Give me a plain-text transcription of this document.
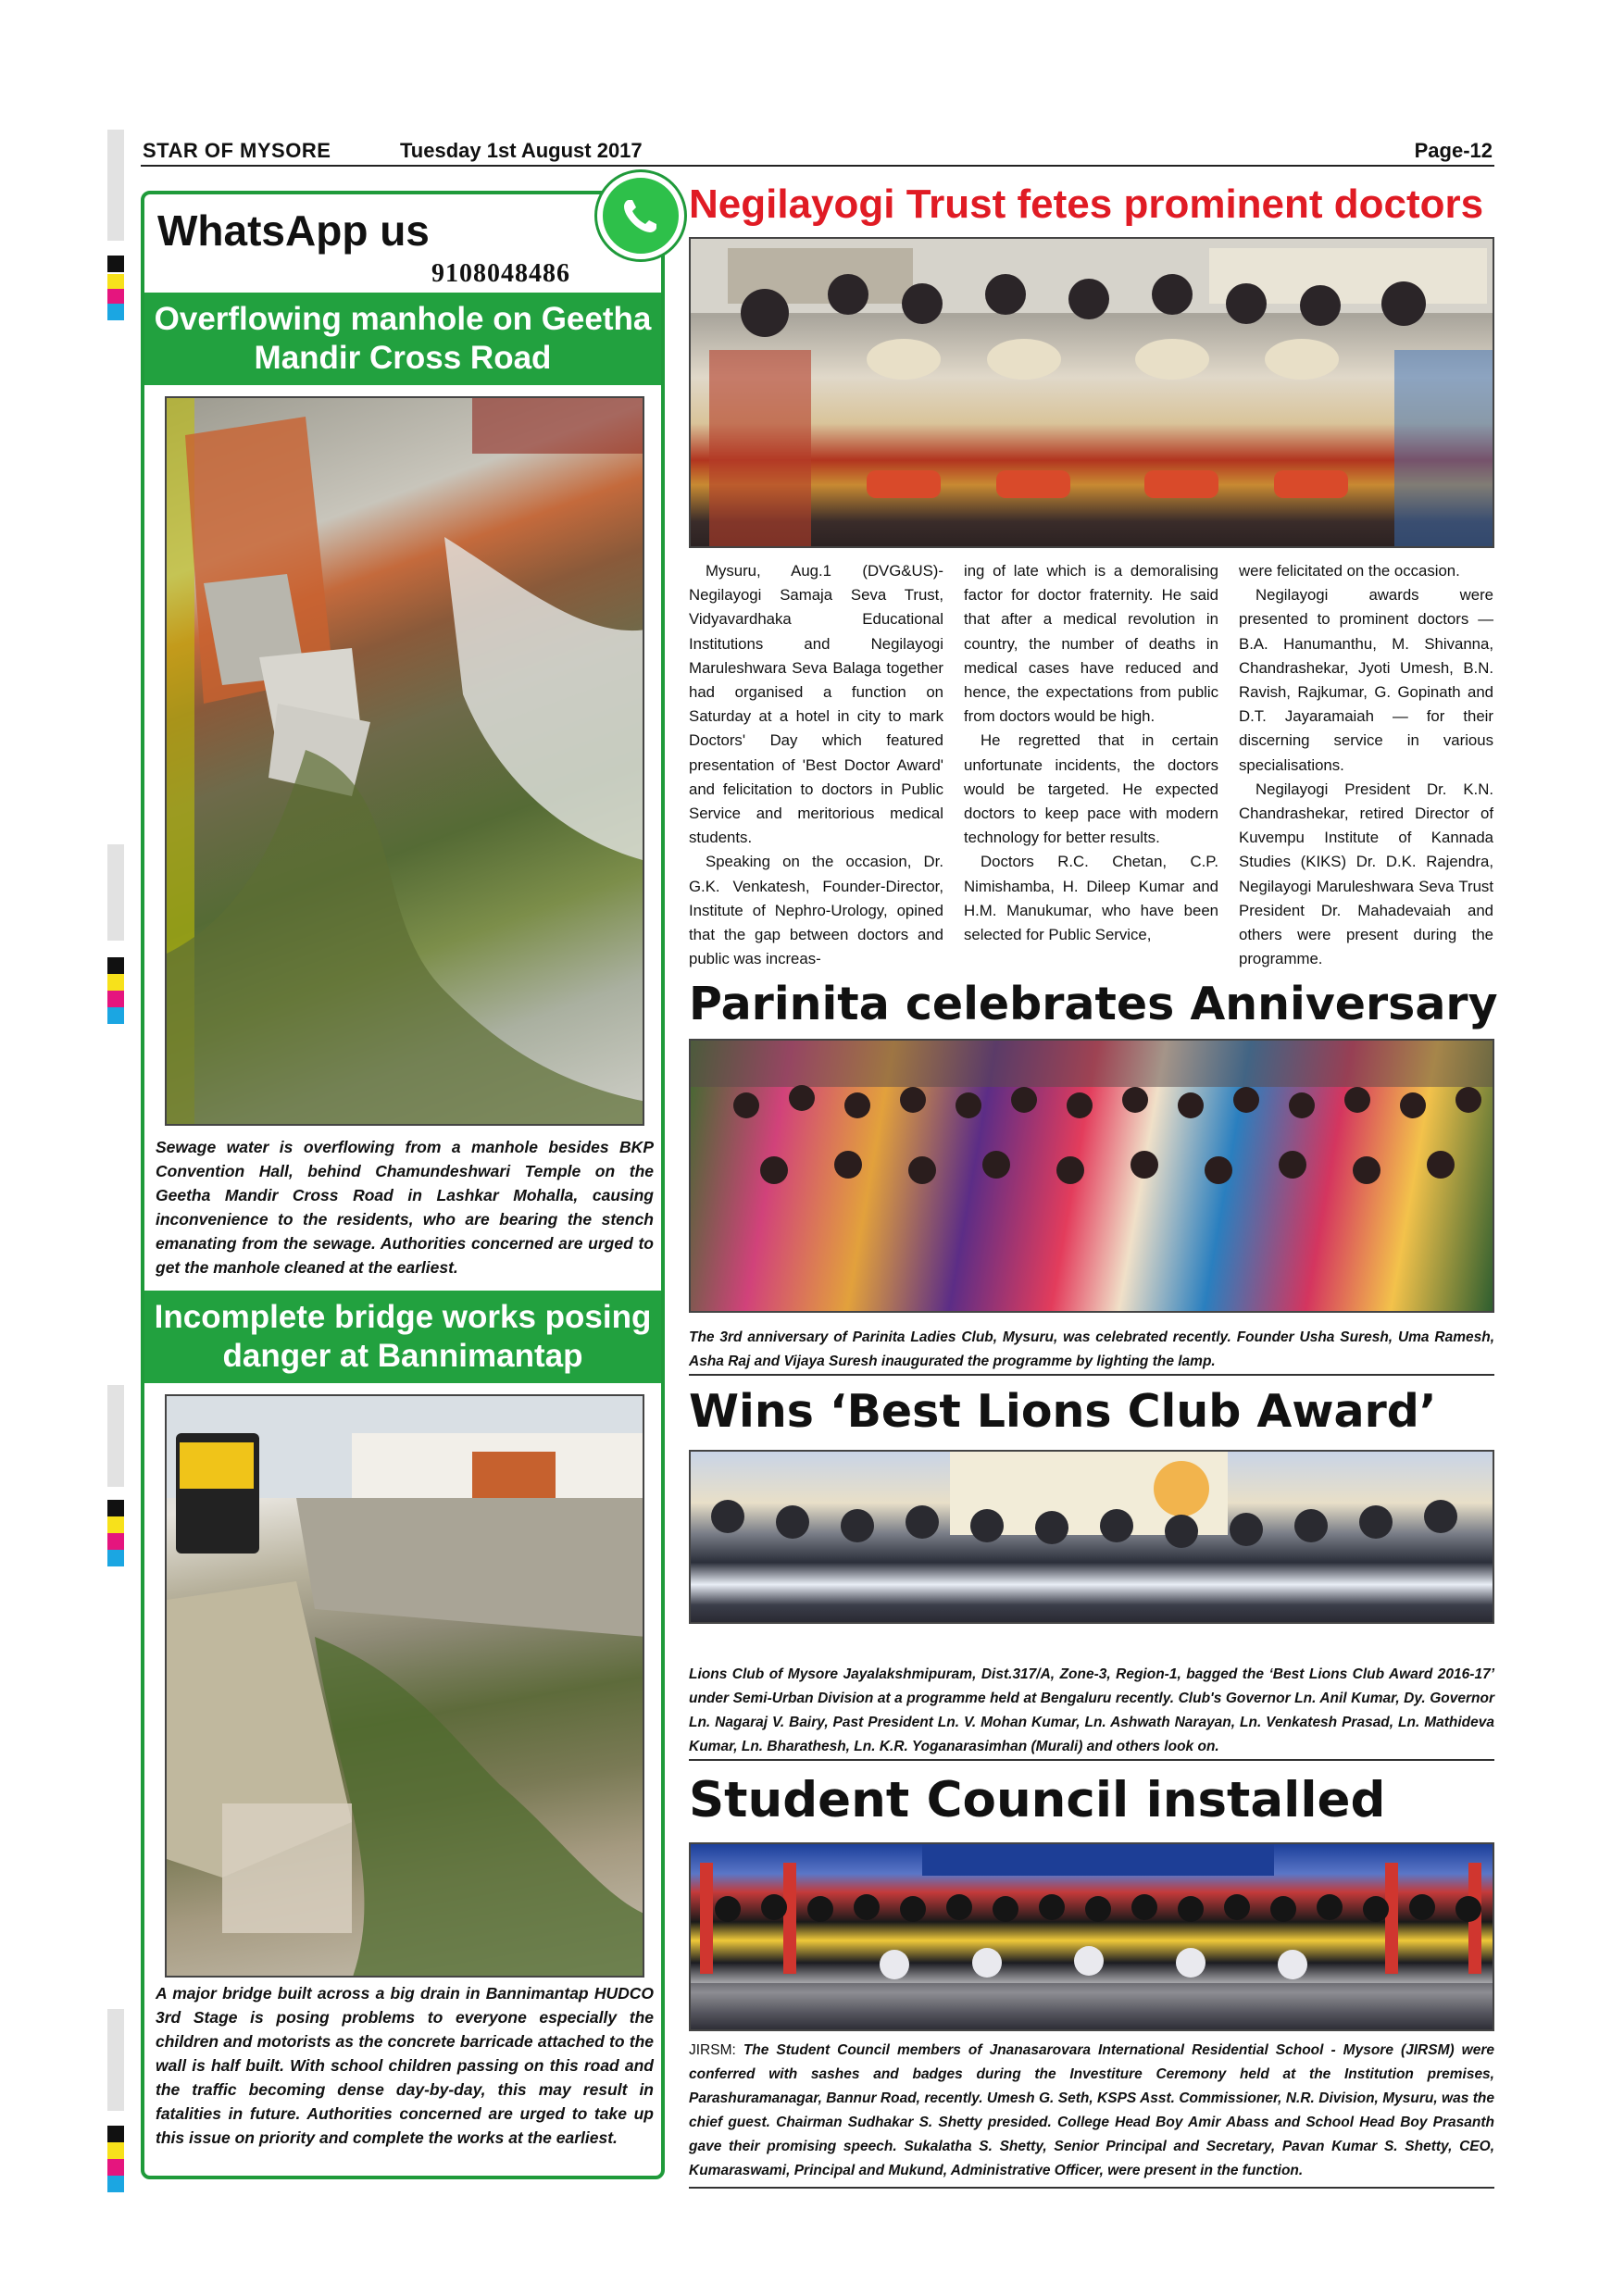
STAR OF MYSORE	Tuesday 1st August 2017	Page-12
WhatsApp us
9108048486
Overflowing manhole on Geetha Mandir Cross Road
Sewage water is overflowing from a manhole besides BKP Convention Hall, behind Chamundeshwari Temple on the Geetha Mandir Cross Road in Lashkar Mohalla, causing inconvenience to the residents, who are bearing the stench emanating from the sewage. Authorities concerned are urged to get the manhole cleaned at the earliest.
Incomplete bridge works posing danger at Bannimantap
A major bridge built across a big drain in Bannimantap HUDCO 3rd Stage is posing problems to everyone especially the children and motorists as the concrete barricade attached to the wall is half built. With school children passing on this road and the traffic becoming dense day-by-day, this may result in fatalities in future. Authorities concerned are urged to take up this issue on priority and complete the works at the earliest.
Negilayogi Trust fetes prominent doctors

Mysuru, Aug.1 (DVG&US)- Negilayogi Samaja Seva Trust, Vidyavardhaka Educational Institutions and Negilayogi Maruleshwara Seva Balaga together had organised a function on Saturday at a hotel in city to mark Doctors' Day which featured presentation of 'Best Doctor Award' and felicitation to doctors in Public Service and meritorious medical students.

Speaking on the occasion, Dr. G.K. Venkatesh, Founder-Director, Institute of Nephro-Urology, opined that the gap between doctors and public was increas-

ing of late which is a demoralising factor for doctor fraternity. He said that after a medical revolution in country, the number of deaths in medical cases have reduced and hence, the expectations from public from doctors would be high.

He regretted that in certain unfortunate incidents, the doctors would be targeted. He expected doctors to keep pace with modern technology for better results.

Doctors R.C. Chetan, C.P. Nimishamba, H. Dileep Kumar and H.M. Manukumar, who have been selected for Public Service,

were felicitated on the occasion.

Negilayogi awards were presented to prominent doctors — B.A. Hanumanthu, M. Shivanna, Chandrashekar, Jyoti Umesh, B.N. Ravish, Rajkumar, G. Gopinath and D.T. Jayaramaiah — for their discerning service in various specialisations.

Negilayogi President Dr. K.N. Chandrashekar, retired Director of Kuvempu Institute of Kannada Studies (KIKS) Dr. D.K. Rajendra, Negilayogi Maruleshwara Seva Trust President Dr. Mahadevaiah and others were present during the programme.

Parinita celebrates Anniversary
The 3rd anniversary of Parinita Ladies Club, Mysuru, was celebrated recently. Founder Usha Suresh, Uma Ramesh, Asha Raj and Vijaya Suresh inaugurated the programme by lighting the lamp.
Wins ‘Best Lions Club Award’
Lions Club of Mysore Jayalakshmipuram, Dist.317/A, Zone-3, Region-1, bagged the ‘Best Lions Club Award 2016-17’ under Semi-Urban Division at a programme held at Bengaluru recently. Club's Governor Ln. Anil Kumar, Dy. Governor Ln. Nagaraj V. Bairy, Past President Ln. V. Mohan Kumar, Ln. Ashwath Narayan, Ln. Venkatesh Prasad, Ln. Mathideva Kumar, Ln. Bharathesh, Ln. K.R. Yoganarasimhan (Murali) and others look on.
Student Council installed
JIRSM: The Student Council members of Jnanasarovara International Residential School - Mysore (JIRSM) were conferred with sashes and badges during the Investiture Ceremony held at the Institution premises, Parashuramanagar, Bannur Road, recently. Umesh G. Seth, KSPS Asst. Commissioner, N.R. Division, Mysuru, was the chief guest. Chairman Sudhakar S. Shetty presided. College Head Boy Amir Abass and School Head Boy Prasanth gave their promising speech. Sukalatha S. Shetty, Senior Principal and Secretary, Pavan Kumar S. Shetty, CEO, Kumaraswami, Principal and Mukund, Administrative Officer, were present in the function.
